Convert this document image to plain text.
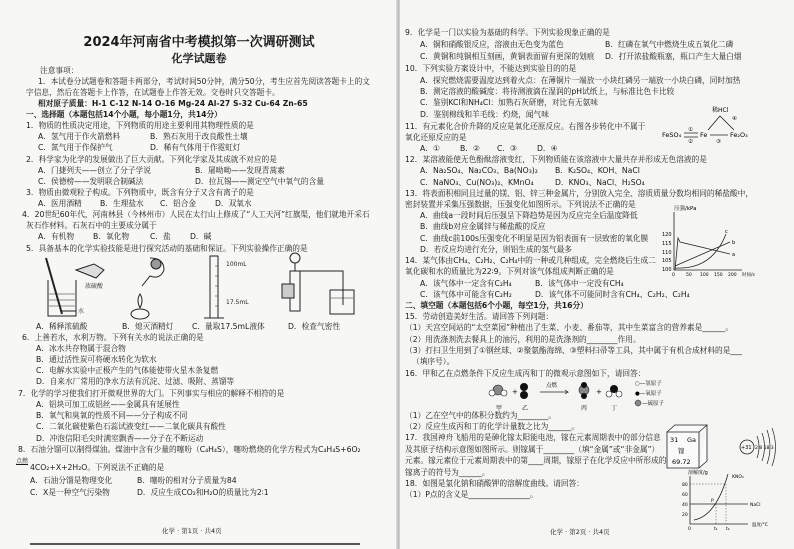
2024年河南省中考模拟第一次调研测试
化学试题卷
注意事项：
1．本试卷分试题卷和答题卡两部分，考试时间50分钟，满分50分，考生应首先阅读答题卡上的文
字信息，然后在答题卡上作答，在试题卷上作答无效。交卷时只交答题卡。
相对原子质量：H-1 C-12 N-14 O-16 Mg-24 Al-27 S-32 Cu-64 Zn-65
一、选择题（本题包括14个小题，每小题1分，共14分）
1．物质的性质决定用途，下列物质的用途主要利用其物理性质的是
A．氢气用于作火箭燃料	B．熟石灰用于改良酸性土壤
C．氮气用于作保护气	D．稀有气体用于作霓虹灯
2．科学家为化学的发展做出了巨大贡献。下列化学家及其成就不对应的是
A．门捷列夫——创立了分子学说	B．屠呦呦——发现青蒿素
C．侯德榜——发明联合制碱法	D．拉瓦锡——测定空气中氧气的含量
3．物质由微观粒子构成。下列物质中，既含有分子又含有离子的是
A．医用酒精 B．生理盐水 C．铝合金 D．双氧水
4．20世纪60年代，河南林县（今林州市）人民在太行山上修成了“人工天河”红旗渠，他们就地开采石
灰石作材料。石灰石中的主要成分属于
A．有机物 B．氧化物	C．盐	D．碱
5．具备基本的化学实验技能是进行探究活动的基础和保证。下列实验操作正确的是
浓硫酸
水
100mL
17.5mL
A．稀释浓硫酸	B．熄灭酒精灯 C．量取17.5mL液体	D．检查气密性
6．上善若水，水利万物。下列有关水的说法正确的是
A．冰水共存物属于混合物
B．通过活性炭可将硬水转化为软水
C．电解水实验中正极产生的气体能使带火星木条复燃
D．自来水厂常用的净水方法有沉淀、过滤、吸附、蒸馏等
7．化学的学习使我们打开微观世界的大门。下列事实与相应的解释不相符的是
A．铝块可加工成铝丝——金属具有延展性
B．氧气和臭氧的性质不同——分子构成不同
C．二氧化碳使紫色石蕊试液变红——二氧化碳具有酸性
D．冲泡信阳毛尖时满室飘香——分子在不断运动
8．石油分馏可以制得煤油。煤油中含有少量的噻吩（C₄H₄S），噻吩燃烧的化学方程式为C₄H₄S+6O₂
点燃
4CO₂+X+2H₂O。下列说法不正确的是
A．石油分馏是物理变化	B．噻吩的相对分子质量为84
C．X是一种空气污染物	D．反应生成CO₂和H₂O的质量比为2∶1
化学 · 第1页 · 共4页
9．化学是一门以实验为基础的科学。下列实验现象正确的是
A．铜和硝酸银反应，溶液由无色变为蓝色	B．红磷在氧气中燃烧生成五氧化二磷
C．黄铜和纯铜相互刻画，黄铜表面留有更深的划痕 D．打开浓盐酸瓶塞，瓶口产生大量白烟
10．下列实验方案设计中，不能达到实验目的的是
A．探究燃烧需要温度达到着火点：在薄铜片一端放一小块红磷另一端放一小块白磷，同时加热
B．测定溶液的酸碱度：将待测液滴在湿润的pH试纸上，与标准比色卡比较
C．鉴别KCl和NH₄Cl：加熟石灰研磨，对比有无氨味
D．鉴别棉线和羊毛线：灼烧，闻气味
11．有元素化合价升降的反应是氧化还原反应。右图各步转化中不属于
氧化还原反应的是
A．①	B．② C．③	D．④
FeSO₄	Fe	Fe₂O₃
稀HCl
①
②	③
④
12．某溶液能使无色酚酞溶液变红，下列物质能在该溶液中大量共存并形成无色溶液的是
A．Na₂SO₄、Na₂CO₃、Ba(NO₃)₂ B．K₂SO₄、KOH、NaCl
C．NaNO₃、Cu(NO₃)₂、KMnO₄	D．KNO₃、NaCl、H₂SO₄
13．将表面积相同且过量的镁、铝、锌三种金属片，分别放入完全、溶质质量分数均相同的稀盐酸中，
密封装置并采集压强数据，压强变化如图所示。下列说法不正确的是
A．曲线a一段时间后压强呈下降趋势是因为反应完全后温度降低
B．曲线b对应金属锌与稀盐酸的反应
C．曲线c前100s压强变化不明显是因为铝表面有一层致密的氧化膜
D．若反应均进行充分，则铝生成的氢气最多
压强/kPa
120
115
110
105
100
0 50 100 150 200 时间/s
a
b
c
14．某气体由CH₄、C₂H₂、C₂H₄中的一种或几种组成，完全燃烧后生成二
氧化碳和水的质量比为22∶9。下列对该气体组成判断正确的是
A．该气体中一定含有C₂H₄	B．该气体中一定没有CH₄
C．该气体中可能含有C₂H₂	D．该气体不可能同时含有CH₄、C₂H₂、C₂H₄
二、填空题（本题包括6个小题，每空1分，共16分）
15．劳动创造美好生活。请回答下列问题：
（1）天宫空间站的“太空菜园”种植出了生菜、小麦、番茄等，其中生菜富含的营养素是______。
（2）用洗涤剂洗去餐具上的油污，利用的是洗涤剂的________作用。
（3）打扫卫生用到了①钢丝球、②聚氨酯海绵、③塑料扫帚等工具，其中属于有机合成材料的是___
（填序号）。
16．甲和乙在点燃条件下反应生成丙和丁的微观示意图如下，请回答：
+
点燃
+
甲	乙	丙	丁
○—氢原子
●—氧原子
—硫原子
（1）乙在空气中的体积分数约为________。
（2）反应生成丙和丁的化学计量数之比为______。
17．我国神舟飞船用的是砷化镓太阳能电池，镓在元素周期表中的部分信息
及其原子结构示意图如图所示。则镓属于________（填“金属”或“非金属”）
元素。镓元素位于元素周期表中的第____周期，镓原子在化学反应中所形成的
镓离子的符号为______。
31 Ga
镓
69.72
+31 2 8 18 3
18．如图是氯化钠和硝酸钾的溶解度曲线。请回答：
（1）P点的含义是________________。
溶解度/g
80
60
40
20
0	t₁ t₂
温度/°C
KNO₃
NaCl
P
化学 · 第2页 · 共4页
